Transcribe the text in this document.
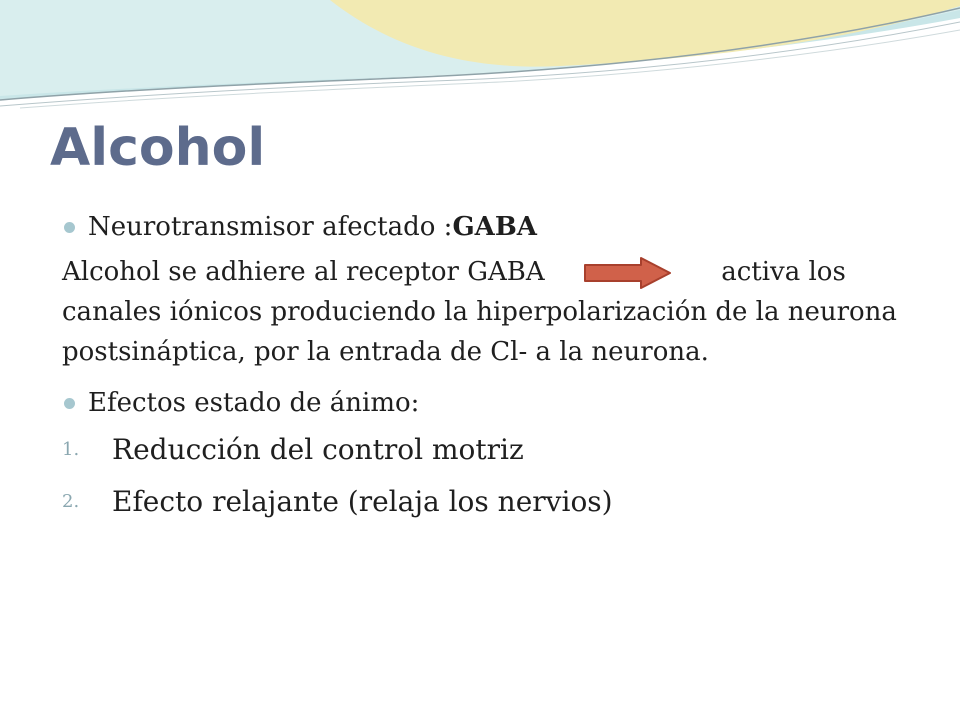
Alcohol
Neurotransmisor afectado :GABA
Alcohol se adhiere al receptor GABA	activa los canales iónicos produciendo la hiperpolarización de la neurona postsináptica, por la entrada de Cl- a la neurona.
Efectos estado de ánimo:
1. Reducción del control motriz
2. Efecto relajante (relaja los nervios)
